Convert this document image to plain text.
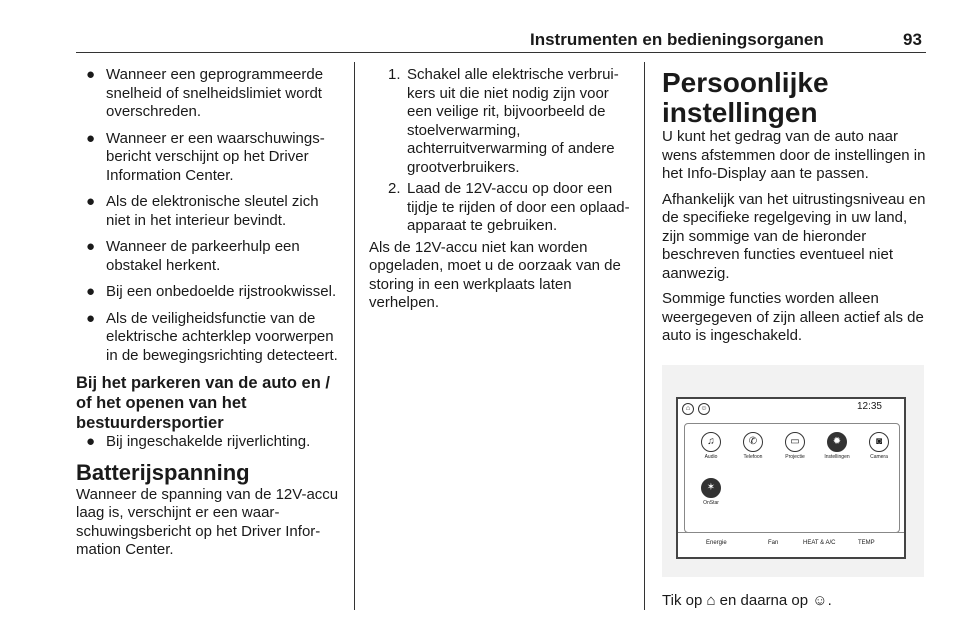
Instrumenten en bedieningsorganen	93
● Wanneer een geprogrammeerde snelheid of snelheidslimiet wordt overschreden.

● Wanneer er een waarschuwingsbericht verschijnt op het Driver Information Center.

● Als de elektronische sleutel zich niet in het interieur bevindt.

● Wanneer de parkeerhulp een obstakel herkent.

● Bij een onbedoelde rijstrookwissel.

● Als de veiligheidsfunctie van de elektrische achterklep voorwerpen in de bewegingsrichting detecteert.

Bij het parkeren van de auto en / of het openen van het bestuurdersportier

● Bij ingeschakelde rijverlichting.

Batterijspanning

Wanneer de spanning van de 12V-accu laag is, verschijnt er een waarschuwingsbericht op het Driver Information Center.

1. Schakel alle elektrische verbruikers uit die niet nodig zijn voor een veilige rit, bijvoorbeeld de stoelverwarming, achterruitverwarming of andere grootverbruikers.

2. Laad de 12V-accu op door een tijdje te rijden of door een oplaadapparaat te gebruiken.

Als de 12V-accu niet kan worden opgeladen, moet u de oorzaak van de storing in een werkplaats laten verhelpen.

Persoonlijke instellingen

U kunt het gedrag van de auto naar wens afstemmen door de instellingen in het Info-Display aan te passen.

Afhankelijk van het uitrustingsniveau en de specifieke regelgeving in uw land, zijn sommige van de hieronder beschreven functies eventueel niet aanwezig.

Sommige functies worden alleen weergegeven of zijn alleen actief als de auto is ingeschakeld.

⌂	☺	12:35
♫
Audio
✆
Telefoon
▭
Projectie
✹
Instellingen
◙
Camera
✶
OnStar
Energie	Fan	HEAT & A/C	TEMP
Tik op ⌂ en daarna op ☺.
